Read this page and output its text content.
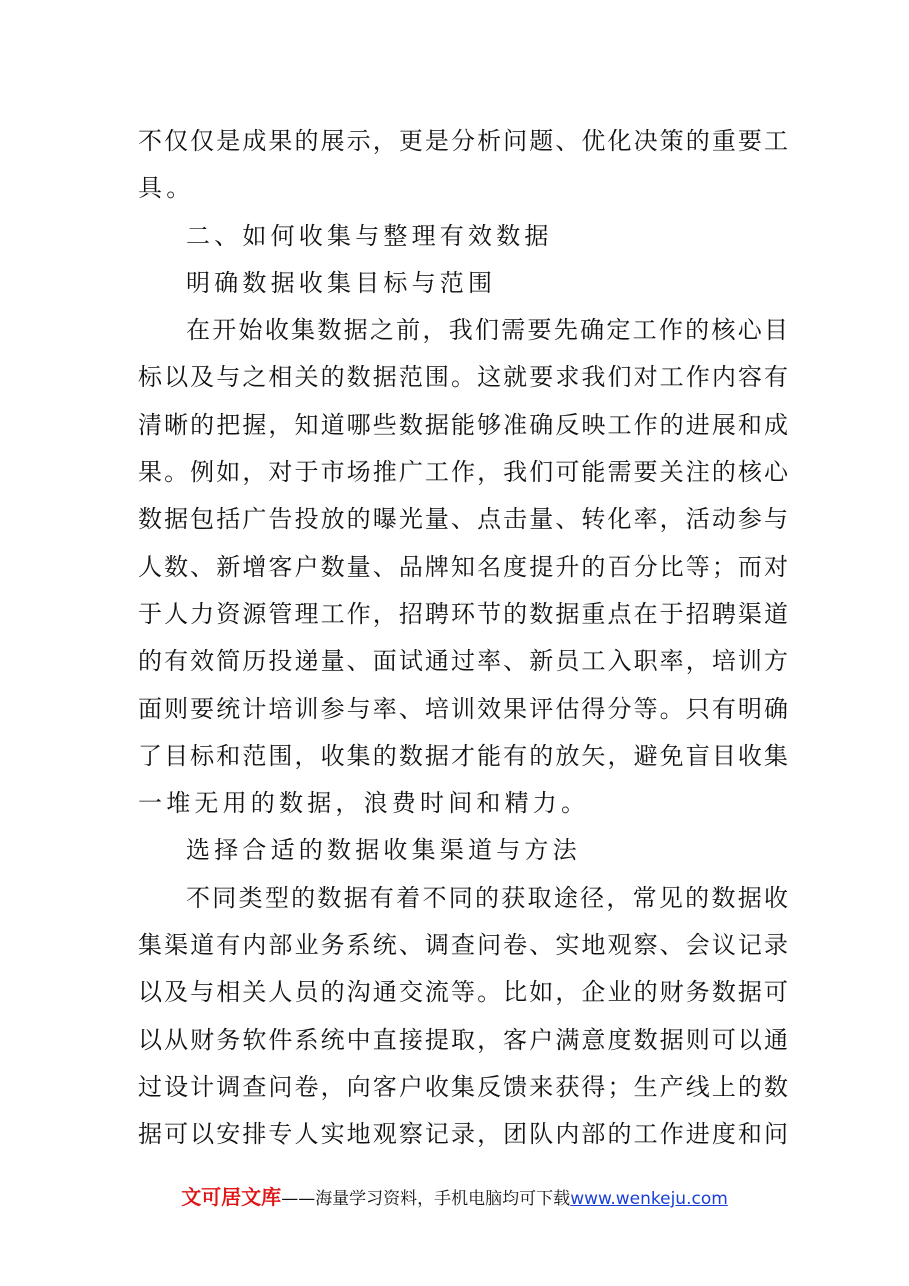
不仅仅是成果的展示，更是分析问题、优化决策的重要工
具。
二、如何收集与整理有效数据
明确数据收集目标与范围
在开始收集数据之前，我们需要先确定工作的核心目
标以及与之相关的数据范围。这就要求我们对工作内容有
清晰的把握，知道哪些数据能够准确反映工作的进展和成
果。例如，对于市场推广工作，我们可能需要关注的核心
数据包括广告投放的曝光量、点击量、转化率，活动参与
人数、新增客户数量、品牌知名度提升的百分比等；而对
于人力资源管理工作，招聘环节的数据重点在于招聘渠道
的有效简历投递量、面试通过率、新员工入职率，培训方
面则要统计培训参与率、培训效果评估得分等。只有明确
了目标和范围，收集的数据才能有的放矢，避免盲目收集
一堆无用的数据，浪费时间和精力。
选择合适的数据收集渠道与方法
不同类型的数据有着不同的获取途径，常见的数据收
集渠道有内部业务系统、调查问卷、实地观察、会议记录
以及与相关人员的沟通交流等。比如，企业的财务数据可
以从财务软件系统中直接提取，客户满意度数据则可以通
过设计调查问卷，向客户收集反馈来获得；生产线上的数
据可以安排专人实地观察记录，团队内部的工作进度和问
文可居文库——海量学习资料，手机电脑均可下载www.wenkeju.com
